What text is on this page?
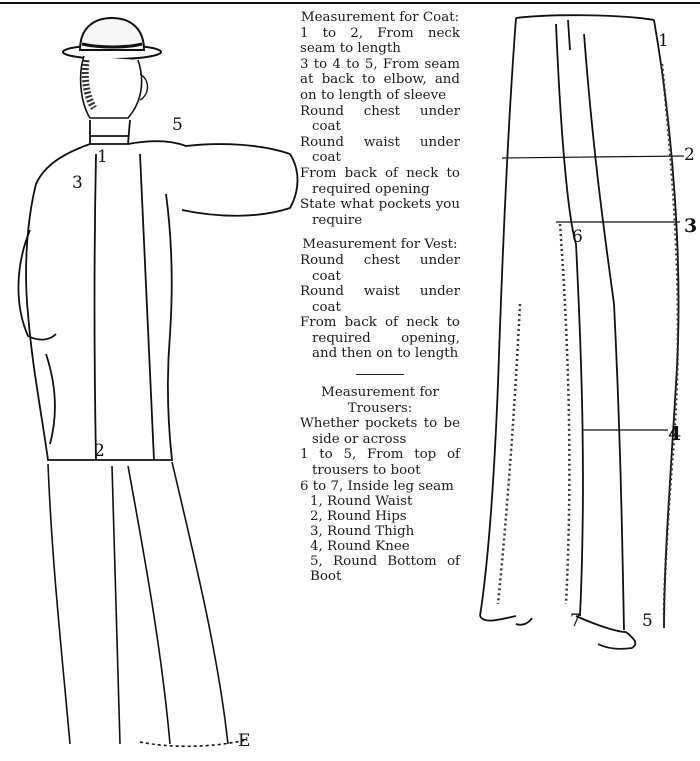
1
2
3
5
E

Measurement for Coat:

1 to 2, From neck seam to length

3 to 4 to 5, From seam at back to elbow, and on to length of sleeve

Round chest under coat

Round waist under coat

From back of neck to required opening

State what pockets you require

Measurement for Vest:

Round chest under coat

Round waist under coat

From back of neck to required opening, and then on to length

Measurement for Trousers:

Whether pockets to be side or across

1 to 5, From top of trousers to boot

6 to 7, Inside leg seam

1, Round Waist
2, Round Hips
3, Round Thigh
4, Round Knee
5, Round Bottom of Boot
1
2
3
4
5
6
7
